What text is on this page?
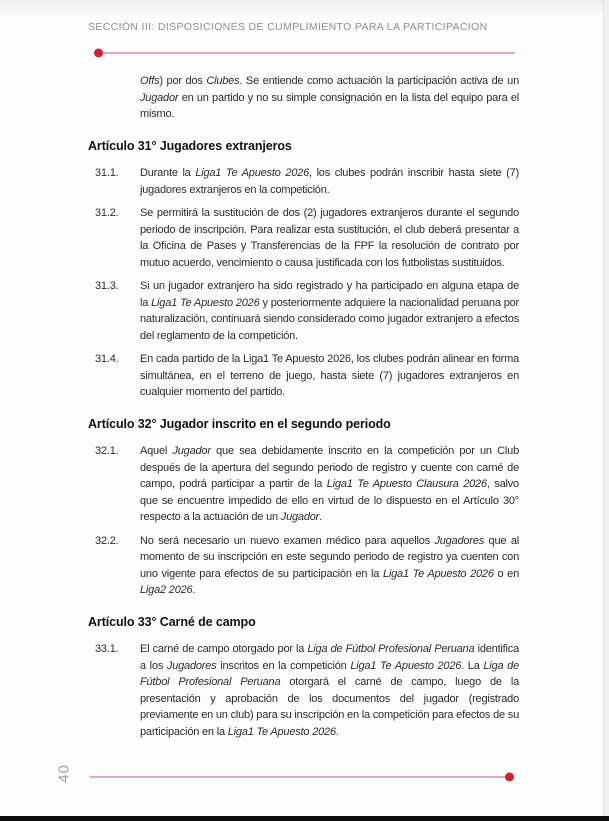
SECCIÓN III: DISPOSICIONES DE CUMPLIMIENTO PARA LA PARTICIPACION

Offs) por dos Clubes. Se entiende como actuación la participación activa de un Jugador en un partido y no su simple consignación en la lista del equipo para el mismo.

Artículo 31° Jugadores extranjeros
31.1.	Durante la Liga1 Te Apuesto 2026, los clubes podrán inscribir hasta siete (7) jugadores extranjeros en la competición.
31.2.	Se permitirá la sustitución de dos (2) jugadores extranjeros durante el segundo periodo de inscripción. Para realizar esta sustitución, el club deberá presentar a la Oficina de Pases y Transferencias de la FPF la resolución de contrato por mutuo acuerdo, vencimiento o causa justificada con los futbolistas sustituidos.
31.3.	Si un jugador extranjero ha sido registrado y ha participado en alguna etapa de la Liga1 Te Apuesto 2026 y posteriormente adquiere la nacionalidad peruana por naturalización, continuará siendo considerado como jugador extranjero a efectos del reglamento de la competición.
31.4.	En cada partido de la Liga1 Te Apuesto 2026, los clubes podrán alinear en forma simultánea, en el terreno de juego, hasta siete (7) jugadores extranjeros en cualquier momento del partido.
Artículo 32° Jugador inscrito en el segundo periodo
32.1.	Aquel Jugador que sea debidamente inscrito en la competición por un Club después de la apertura del segundo periodo de registro y cuente con carné de campo, podrá participar a partir de la Liga1 Te Apuesto Clausura 2026, salvo que se encuentre impedido de ello en virtud de lo dispuesto en el Artículo 30° respecto a la actuación de un Jugador.
32.2.	No será necesario un nuevo examen médico para aquellos Jugadores que al momento de su inscripción en este segundo periodo de registro ya cuenten con uno vigente para efectos de su participación en la Liga1 Te Apuesto 2026 o en Liga2 2026.
Artículo 33° Carné de campo
33.1.	El carné de campo otorgado por la Liga de Fútbol Profesional Peruana identifica a los Jugadores inscritos en la competición Liga1 Te Apuesto 2026. La Liga de Fútbol Profesional Peruana otorgará el carné de campo, luego de la presentación y aprobación de los documentos del jugador (registrado previamente en un club) para su inscripción en la competición para efectos de su participación en la Liga1 Te Apuesto 2026.
40
